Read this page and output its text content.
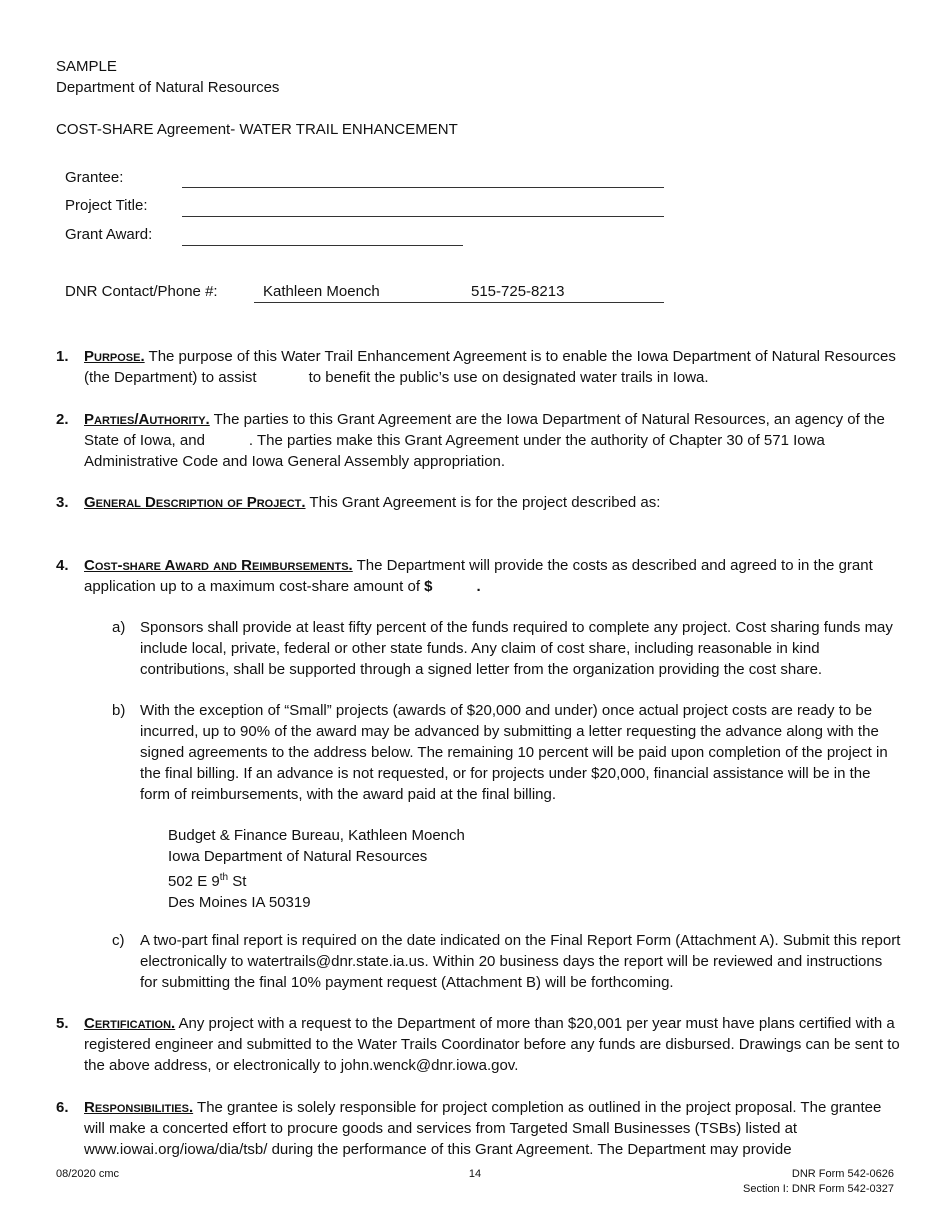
SAMPLE
Department of Natural Resources
COST-SHARE Agreement- WATER TRAIL ENHANCEMENT
Grantee:
Project Title:
Grant Award:
DNR Contact/Phone #:	Kathleen Moench	515-725-8213
1. Purpose. The purpose of this Water Trail Enhancement Agreement is to enable the Iowa Department of Natural Resources (the Department) to assist	to benefit the public’s use on designated water trails in Iowa.
2. Parties/Authority. The parties to this Grant Agreement are the Iowa Department of Natural Resources, an agency of the State of Iowa, and	. The parties make this Grant Agreement under the authority of Chapter 30 of 571 Iowa Administrative Code and Iowa General Assembly appropriation.
3. General Description of Project. This Grant Agreement is for the project described as:
4. Cost-share Award and Reimbursements. The Department will provide the costs as described and agreed to in the grant application up to a maximum cost-share amount of $	.
a) Sponsors shall provide at least fifty percent of the funds required to complete any project. Cost sharing funds may include local, private, federal or other state funds. Any claim of cost share, including reasonable in kind contributions, shall be supported through a signed letter from the organization providing the cost share.
b) With the exception of “Small” projects (awards of $20,000 and under) once actual project costs are ready to be incurred, up to 90% of the award may be advanced by submitting a letter requesting the advance along with the signed agreements to the address below. The remaining 10 percent will be paid upon completion of the project in the final billing. If an advance is not requested, or for projects under $20,000, financial assistance will be in the form of reimbursements, with the award paid at the final billing.
Budget & Finance Bureau, Kathleen Moench
Iowa Department of Natural Resources
502 E 9th St
Des Moines IA 50319
c) A two-part final report is required on the date indicated on the Final Report Form (Attachment A). Submit this report electronically to watertrails@dnr.state.ia.us. Within 20 business days the report will be reviewed and instructions for submitting the final 10% payment request (Attachment B) will be forthcoming.
5. Certification. Any project with a request to the Department of more than $20,001 per year must have plans certified with a registered engineer and submitted to the Water Trails Coordinator before any funds are disbursed. Drawings can be sent to the above address, or electronically to john.wenck@dnr.iowa.gov.
6. Responsibilities. The grantee is solely responsible for project completion as outlined in the project proposal. The grantee will make a concerted effort to procure goods and services from Targeted Small Businesses (TSBs) listed at www.iowai.org/iowa/dia/tsb/ during the performance of this Grant Agreement. The Department may provide
08/2020 cmc	14	DNR Form 542-0626
Section I: DNR Form 542-0327
